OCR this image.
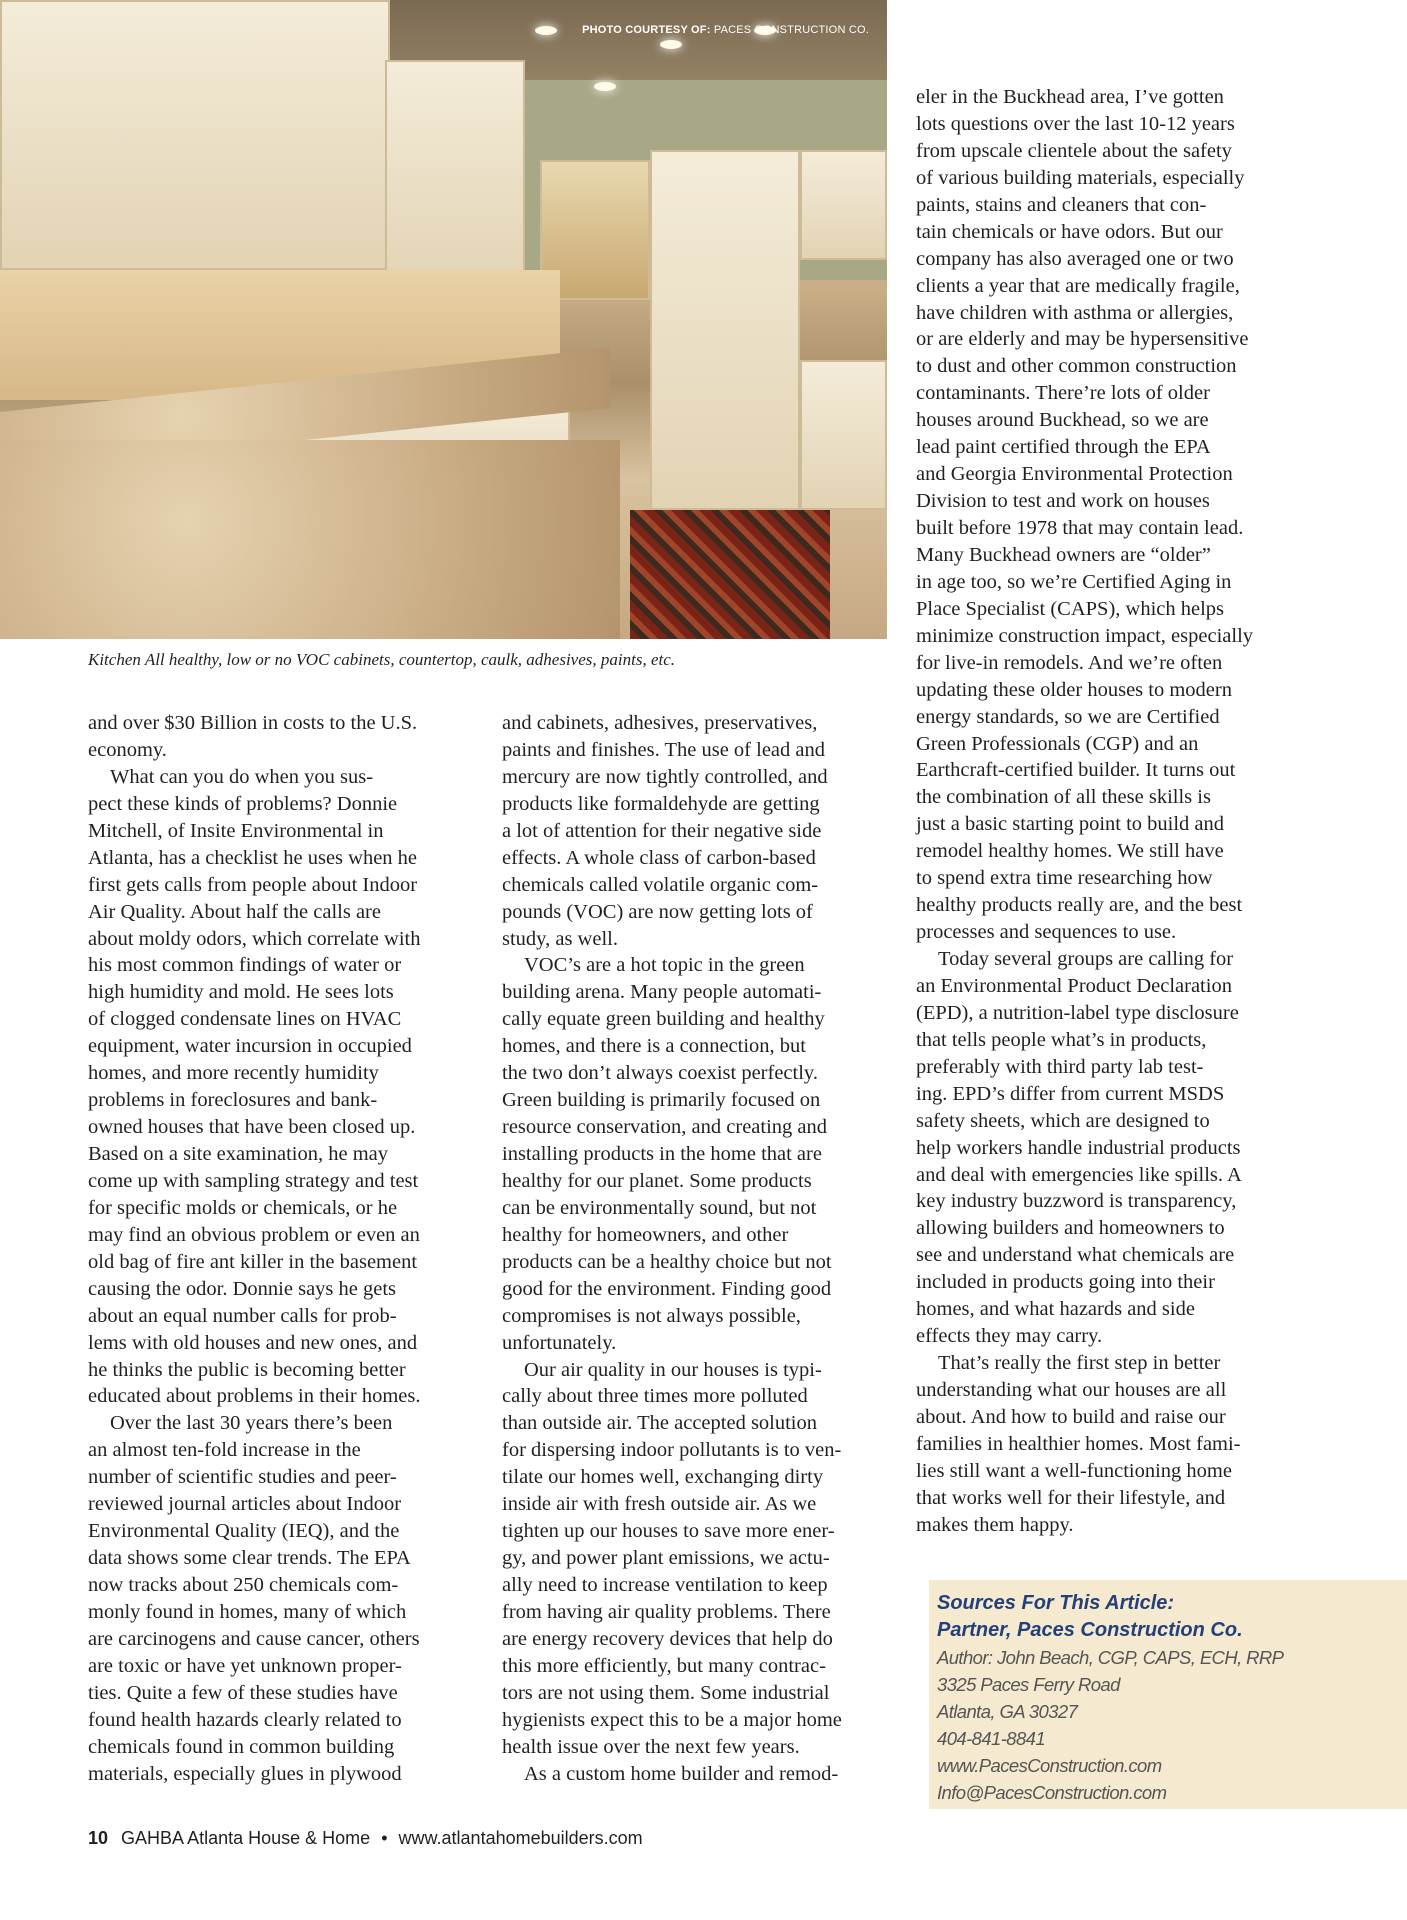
PHOTO COURTESY OF: PACES CONSTRUCTION CO.
Kitchen All healthy, low or no VOC cabinets, countertop, caulk, adhesives, paints, etc.
and over $30 Billion in costs to the U.S.
economy.
What can you do when you sus-
pect these kinds of problems? Donnie
Mitchell, of Insite Environmental in
Atlanta, has a checklist he uses when he
first gets calls from people about Indoor
Air Quality. About half the calls are
about moldy odors, which correlate with
his most common findings of water or
high humidity and mold. He sees lots
of clogged condensate lines on HVAC
equipment, water incursion in occupied
homes, and more recently humidity
problems in foreclosures and bank-
owned houses that have been closed up.
Based on a site examination, he may
come up with sampling strategy and test
for specific molds or chemicals, or he
may find an obvious problem or even an
old bag of fire ant killer in the basement
causing the odor. Donnie says he gets
about an equal number calls for prob-
lems with old houses and new ones, and
he thinks the public is becoming better
educated about problems in their homes.
Over the last 30 years there’s been
an almost ten-fold increase in the
number of scientific studies and peer-
reviewed journal articles about Indoor
Environmental Quality (IEQ), and the
data shows some clear trends. The EPA
now tracks about 250 chemicals com-
monly found in homes, many of which
are carcinogens and cause cancer, others
are toxic or have yet unknown proper-
ties. Quite a few of these studies have
found health hazards clearly related to
chemicals found in common building
materials, especially glues in plywood
and cabinets, adhesives, preservatives,
paints and finishes. The use of lead and
mercury are now tightly controlled, and
products like formaldehyde are getting
a lot of attention for their negative side
effects. A whole class of carbon-based
chemicals called volatile organic com-
pounds (VOC) are now getting lots of
study, as well.
VOC’s are a hot topic in the green
building arena. Many people automati-
cally equate green building and healthy
homes, and there is a connection, but
the two don’t always coexist perfectly.
Green building is primarily focused on
resource conservation, and creating and
installing products in the home that are
healthy for our planet. Some products
can be environmentally sound, but not
healthy for homeowners, and other
products can be a healthy choice but not
good for the environment. Finding good
compromises is not always possible,
unfortunately.
Our air quality in our houses is typi-
cally about three times more polluted
than outside air. The accepted solution
for dispersing indoor pollutants is to ven-
tilate our homes well, exchanging dirty
inside air with fresh outside air. As we
tighten up our houses to save more ener-
gy, and power plant emissions, we actu-
ally need to increase ventilation to keep
from having air quality problems. There
are energy recovery devices that help do
this more efficiently, but many contrac-
tors are not using them. Some industrial
hygienists expect this to be a major home
health issue over the next few years.
As a custom home builder and remod-
eler in the Buckhead area, I’ve gotten
lots questions over the last 10-12 years
from upscale clientele about the safety
of various building materials, especially
paints, stains and cleaners that con-
tain chemicals or have odors. But our
company has also averaged one or two
clients a year that are medically fragile,
have children with asthma or allergies,
or are elderly and may be hypersensitive
to dust and other common construction
contaminants. There’re lots of older
houses around Buckhead, so we are
lead paint certified through the EPA
and Georgia Environmental Protection
Division to test and work on houses
built before 1978 that may contain lead.
Many Buckhead owners are “older”
in age too, so we’re Certified Aging in
Place Specialist (CAPS), which helps
minimize construction impact, especially
for live-in remodels. And we’re often
updating these older houses to modern
energy standards, so we are Certified
Green Professionals (CGP) and an
Earthcraft-certified builder. It turns out
the combination of all these skills is
just a basic starting point to build and
remodel healthy homes. We still have
to spend extra time researching how
healthy products really are, and the best
processes and sequences to use.
Today several groups are calling for
an Environmental Product Declaration
(EPD), a nutrition-label type disclosure
that tells people what’s in products,
preferably with third party lab test-
ing. EPD’s differ from current MSDS
safety sheets, which are designed to
help workers handle industrial products
and deal with emergencies like spills. A
key industry buzzword is transparency,
allowing builders and homeowners to
see and understand what chemicals are
included in products going into their
homes, and what hazards and side
effects they may carry.
That’s really the first step in better
understanding what our houses are all
about. And how to build and raise our
families in healthier homes. Most fami-
lies still want a well-functioning home
that works well for their lifestyle, and
makes them happy.
Sources For This Article:
Partner, Paces Construction Co.
Author: John Beach, CGP, CAPS, ECH, RRP
3325 Paces Ferry Road
Atlanta, GA 30327
404-841-8841
www.PacesConstruction.com
Info@PacesConstruction.com
10 GAHBA Atlanta House & Home • www.atlantahomebuilders.com
